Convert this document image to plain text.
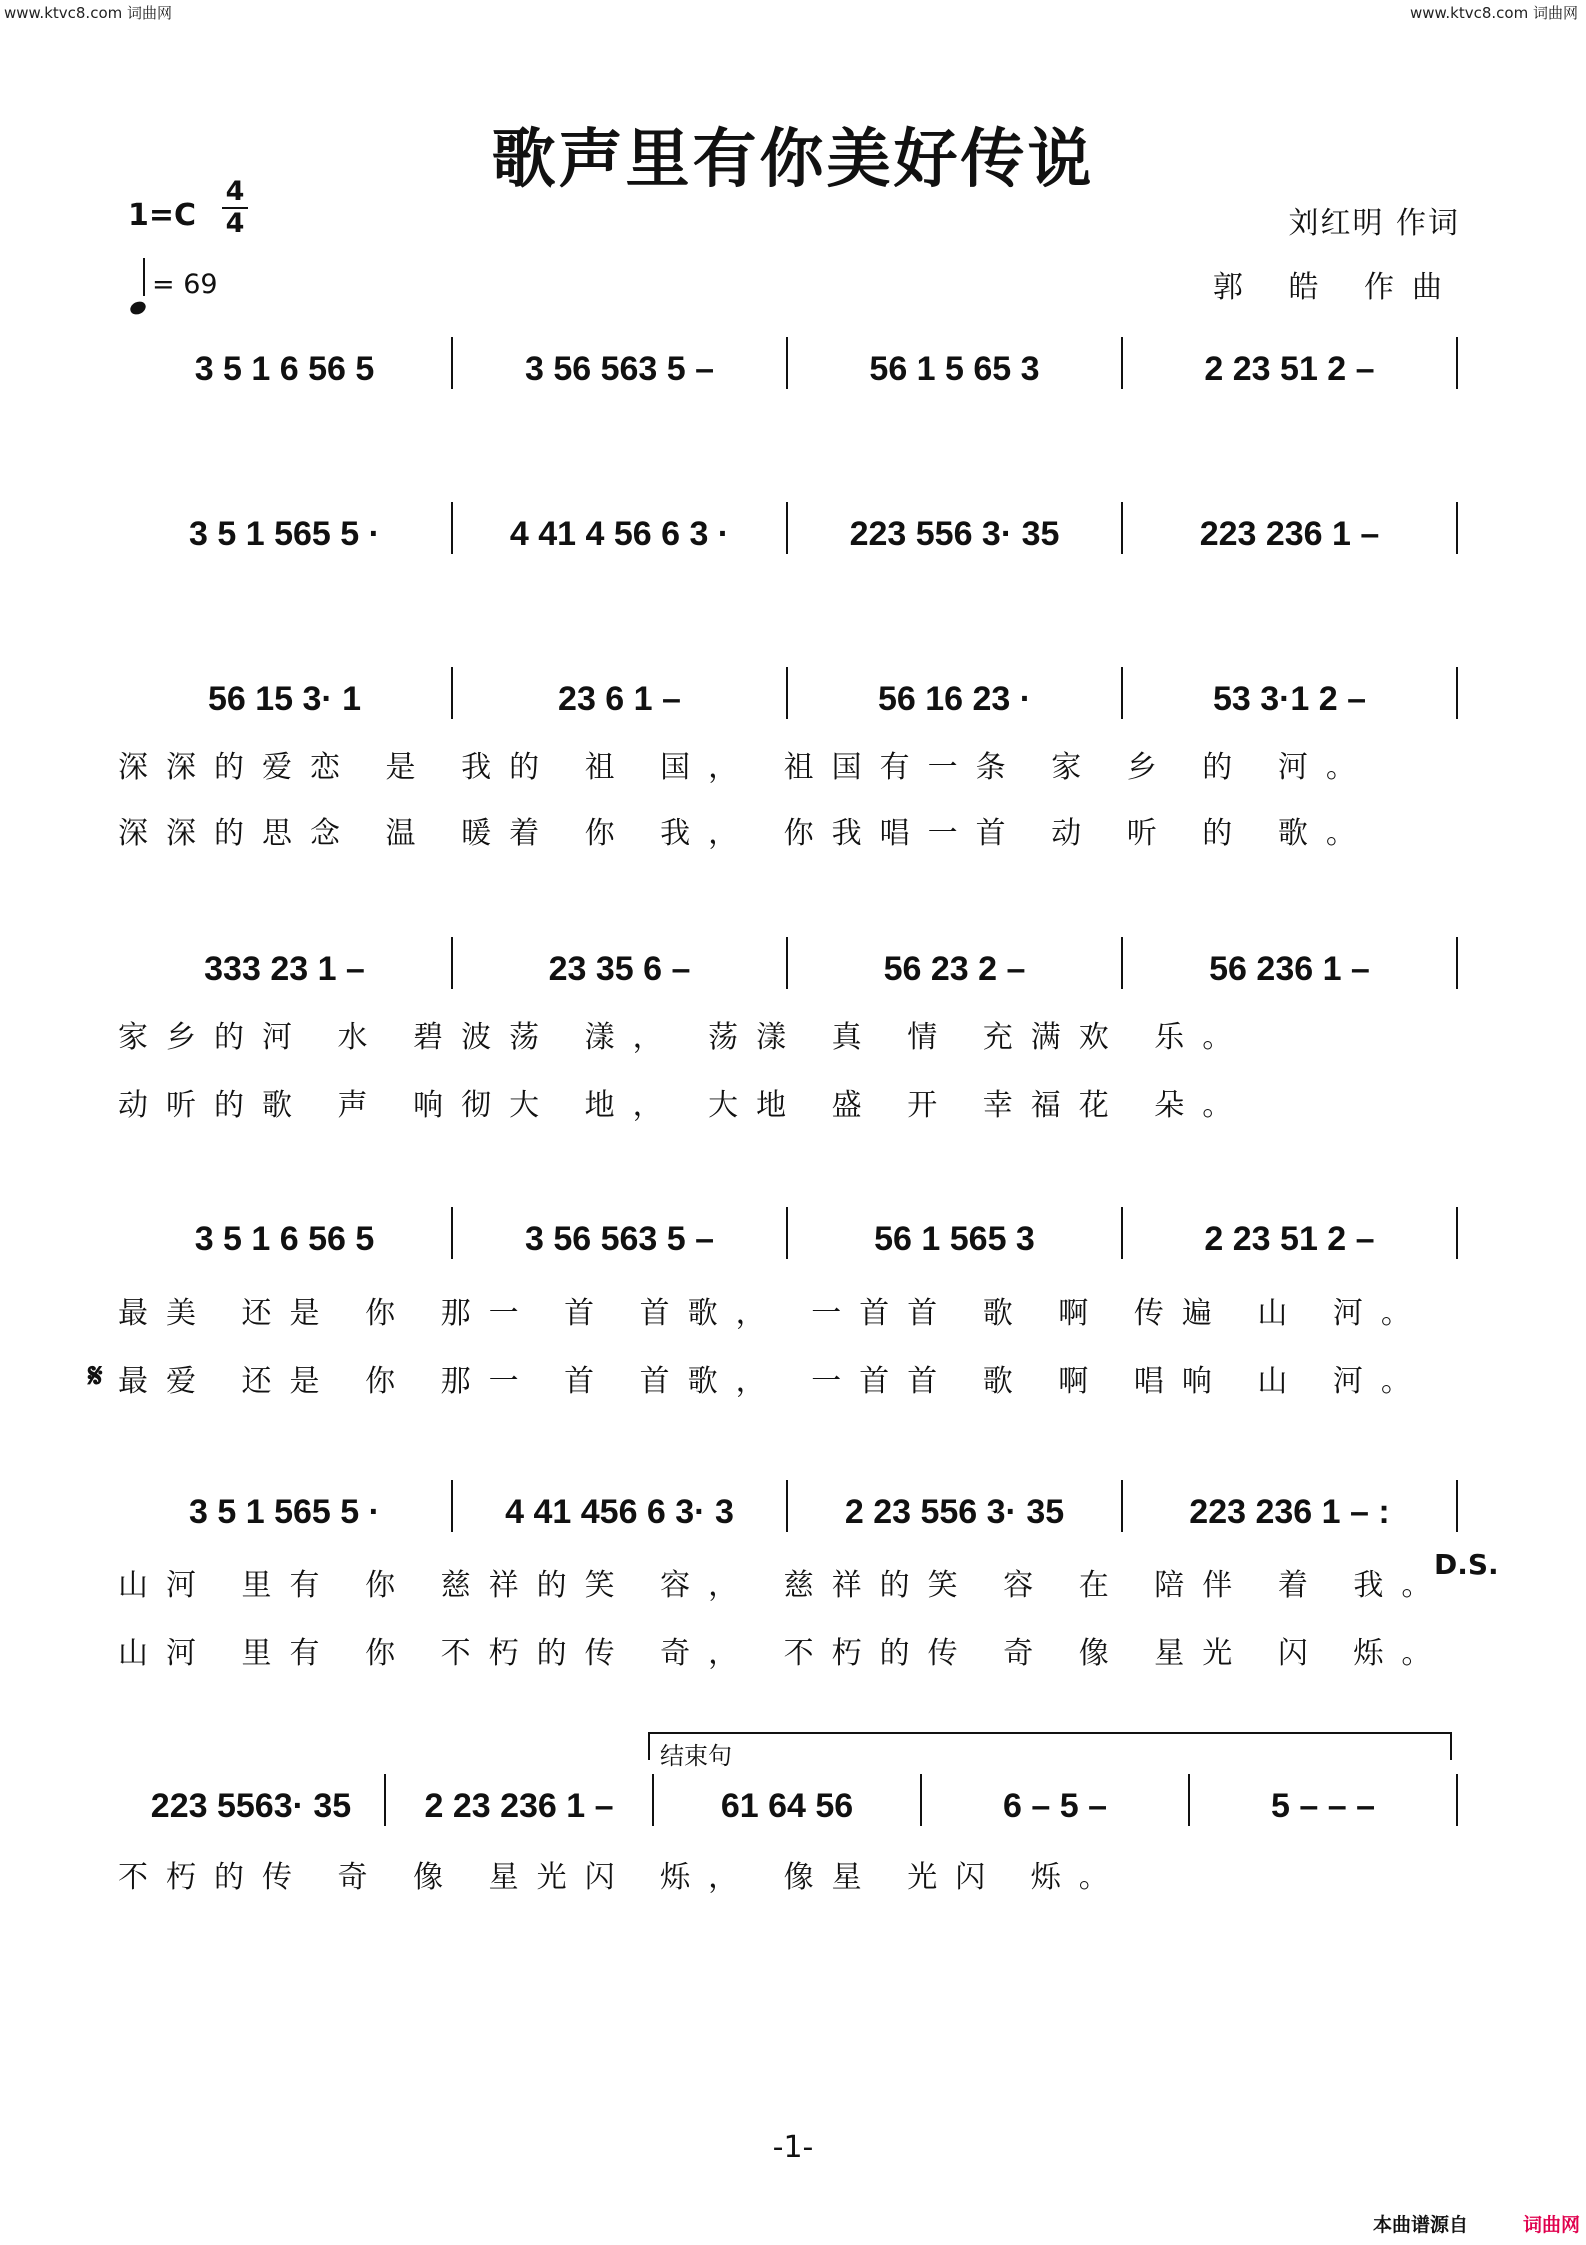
www.ktvc8.com 词曲网	www.ktvc8.com 词曲网
歌声里有你美好传说
1=C
4
4
= 69
刘红明 作词
郭 皓 作曲
3 5 1 6 56 5	3 56 563 5 –	56 1 5 65 3	2 23 51 2 –
3 5 1 565 5 ·	4 41 4 56 6 3 ·	223 556 3· 35	223 236 1 –
56 15 3· 1	23 6 1 –	56 16 23 ·	53 3·1 2 –
深深的爱恋 是 我的 祖 国， 祖国有一条 家 乡 的 河。
深深的思念 温 暖着 你 我， 你我唱一首 动 听 的 歌。
333 23 1 –	23 35 6 –	56 23 2 –	56 236 1 –
家乡的河 水 碧波荡 漾， 荡漾 真 情 充满欢 乐。
动听的歌 声 响彻大 地， 大地 盛 开 幸福花 朵。
3 5 1 6 56 5	3 56 563 5 –	56 1 565 3	2 23 51 2 –
最美 还是 你 那一 首 首歌， 一首首 歌 啊 传遍 山 河。
𝄋 最爱 还是 你 那一 首 首歌， 一首首 歌 啊 唱响 山 河。
3 5 1 565 5 ·	4 41 456 6 3· 3	2 23 556 3· 35	223 236 1 – :
D.S.
山河 里有 你 慈祥的笑 容， 慈祥的笑 容 在 陪伴 着 我。
山河 里有 你 不朽的传 奇， 不朽的传 奇 像 星光 闪 烁。
结束句
223 5563· 35	2 23 236 1 –	61 64 56	6 – 5 –	5 – – –
不朽的传 奇 像 星光闪 烁， 像星 光闪 烁。
-1-
本曲谱源自	词曲网
